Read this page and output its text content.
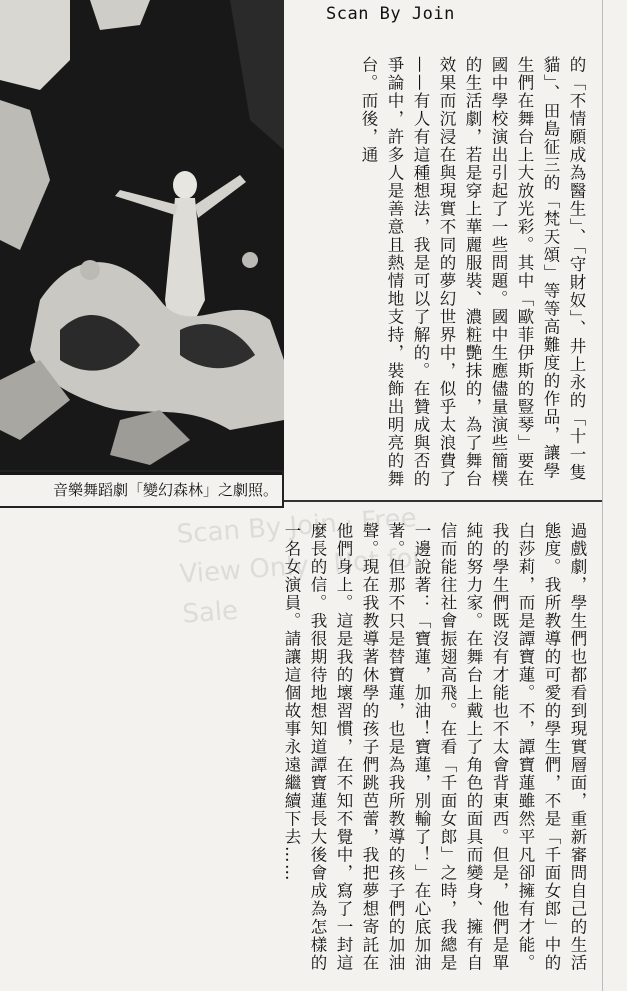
Scan By Join
音樂舞蹈劇「變幻森林」之劇照。
的「不情願成為醫生」、「守財奴」、井上永的「十一隻貓」、田島征三的「梵天頌」等等高難度的作品，讓學生們在舞台上大放光彩。其中「歐菲伊斯的豎琴」要在國中學校演出引起了一些問題。國中生應儘量演些簡樸的生活劇，若是穿上華麗服裝、濃粧艷抹的，為了舞台效果而沉浸在與現實不同的夢幻世界中，似乎太浪費了——有人有這種想法，我是可以了解的。在贊成與否的爭論中，許多人是善意且熱情地支持，裝飾出明亮的舞台。而後，通
過戲劇，學生們也都看到現實層面，重新審問自己的生活態度。我所教導的可愛的學生們，不是「千面女郎」中的白莎莉，而是譚寶蓮。不，譚寶蓮雖然平凡卻擁有才能。我的學生們既沒有才能也不太會背東西。但是，他們是單純的努力家。在舞台上戴上了角色的面具而變身、擁有自信而能往社會振翅高飛。在看「千面女郎」之時，我總是一邊說著：「寶蓮，加油！寶蓮，別輸了！」在心底加油著。但那不只是替寶蓮，也是為我所教導的孩子們的加油聲。現在我教導著休學的孩子們跳芭蕾，我把夢想寄託在他們身上。這是我的壞習慣，在不知不覺中，寫了一封這麼長的信。我很期待地想知道譚寶蓮長大後會成為怎樣的一名女演員。請讓這個故事永遠繼續下去……
Scan By Join · Free View Only · Not for Sale
